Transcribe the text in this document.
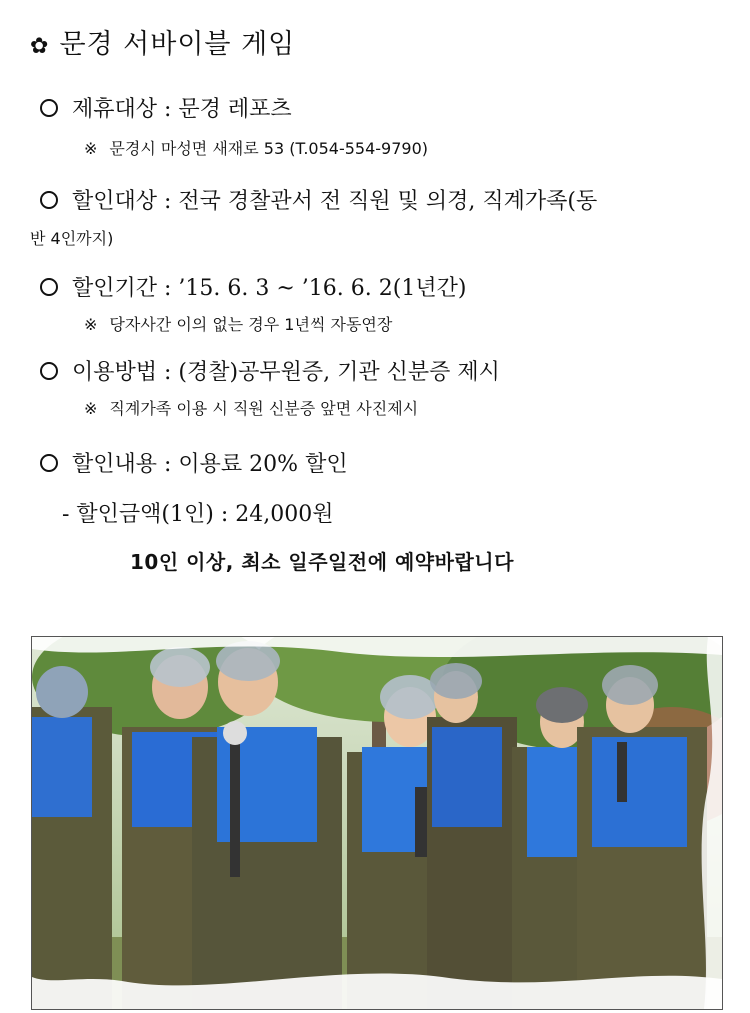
✿ 문경 서바이블 게임
제휴대상 : 문경 레포츠
※ 문경시 마성면 새재로 53 (T.054-554-9790)
할인대상 : 전국 경찰관서 전 직원 및 의경, 직계가족(동
반 4인까지)
할인기간 : ’15. 6. 3 ~ ’16. 6. 2(1년간)
※ 당자사간 이의 없는 경우 1년씩 자동연장
이용방법 : (경찰)공무원증, 기관 신분증 제시
※ 직계가족 이용 시 직원 신분증 앞면 사진제시
할인내용 : 이용료 20% 할인
- 할인금액(1인) : 24,000원
10인 이상, 최소 일주일전에 예약바랍니다
